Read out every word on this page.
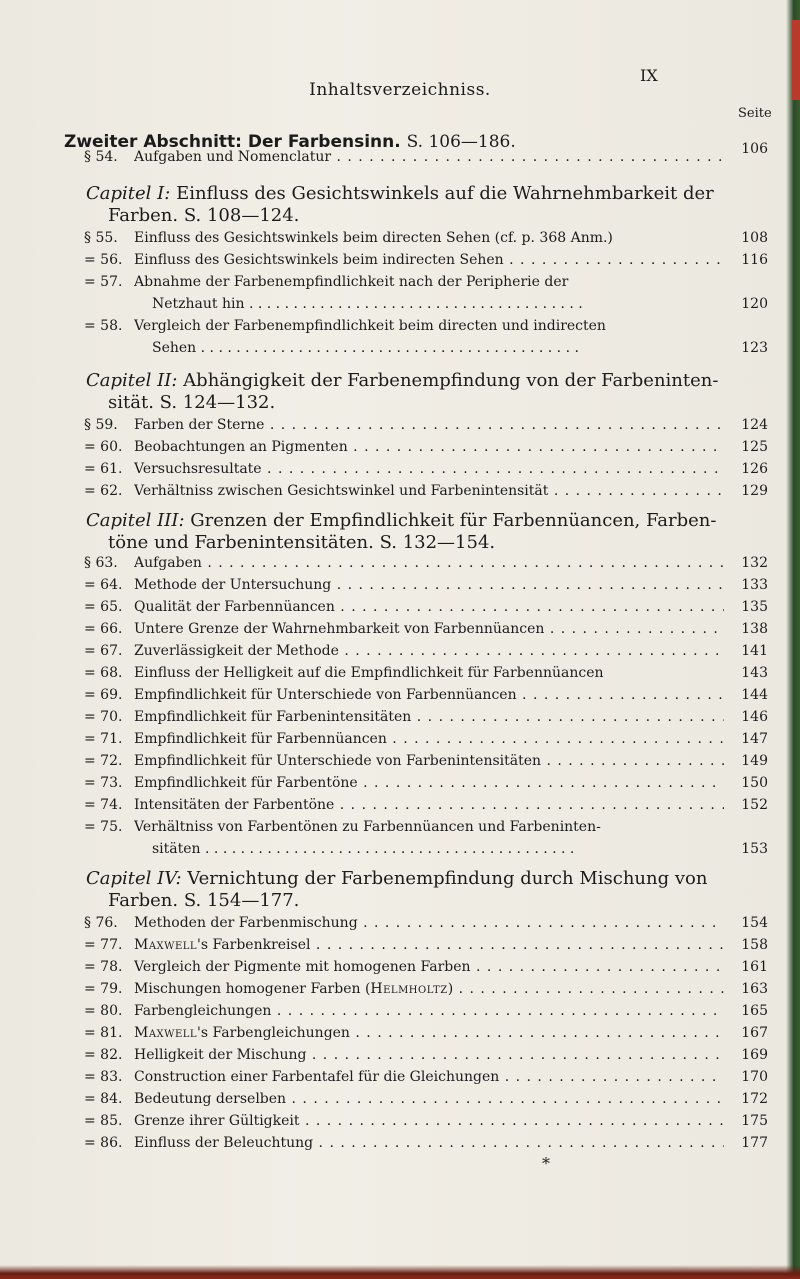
Inhaltsverzeichniss.
IX
Seite
Zweiter Abschnitt: Der Farbensinn. S. 106—186.
§ 54.	Aufgaben und Nomenclatur . . .	106
Capitel I: Einfluss des Gesichtswinkels auf die Wahrnehmbarkeit der
Farben. S. 108—124.
§ 55.	Einfluss des Gesichtswinkels beim directen Sehen (cf. p. 368 Anm.)	108
= 56. Einfluss des Gesichtswinkels beim indirecten Sehen . . .	116
= 57. Abnahme der Farbenempfindlichkeit nach der Peripherie der
Netzhaut hin . . . . . . . . . . . . . . . . . . . . . . . . . . . . . . . . . . . . . .	120
= 58. Vergleich der Farbenempfindlichkeit beim directen und indirecten
Sehen . . . . . . . . . . . . . . . . . . . . . . . . . . . . . . . . . . . . . . . . . . .	123
Capitel II: Abhängigkeit der Farbenempfindung von der Farbeninten-
sität. S. 124—132.
§ 59.	Farben der Sterne . . .	124
= 60. Beobachtungen an Pigmenten . . .	125
= 61. Versuchsresultate . . .	126
= 62. Verhältniss zwischen Gesichtswinkel und Farbenintensität . . .	129
Capitel III: Grenzen der Empfindlichkeit für Farbennüancen, Farben-
töne und Farbenintensitäten. S. 132—154.
§ 63.	Aufgaben . . .	132
= 64. Methode der Untersuchung . . .	133
= 65. Qualität der Farbennüancen . . .	135
= 66. Untere Grenze der Wahrnehmbarkeit von Farbennüancen . . .	138
= 67. Zuverlässigkeit der Methode . . .	141
= 68. Einfluss der Helligkeit auf die Empfindlichkeit für Farbennüancen	143
= 69. Empfindlichkeit für Unterschiede von Farbennüancen . . .	144
= 70. Empfindlichkeit für Farbenintensitäten . . .	146
= 71. Empfindlichkeit für Farbennüancen . . .	147
= 72. Empfindlichkeit für Unterschiede von Farbenintensitäten . . .	149
= 73. Empfindlichkeit für Farbentöne . . .	150
= 74. Intensitäten der Farbentöne . . .	152
= 75. Verhältniss von Farbentönen zu Farbennüancen und Farbeninten-
sitäten . . . . . . . . . . . . . . . . . . . . . . . . . . . . . . . . . . . . . . . . . .	153
Capitel IV: Vernichtung der Farbenempfindung durch Mischung von
Farben. S. 154—177.
§ 76.	Methoden der Farbenmischung . . .	154
= 77. Maxwell's Farbenkreisel . . .	158
= 78. Vergleich der Pigmente mit homogenen Farben . . .	161
= 79. Mischungen homogener Farben (Helmholtz) . . .	163
= 80. Farbengleichungen . . .	165
= 81. Maxwell's Farbengleichungen . . .	167
= 82. Helligkeit der Mischung . . .	169
= 83. Construction einer Farbentafel für die Gleichungen . . .	170
= 84. Bedeutung derselben . . .	172
= 85. Grenze ihrer Gültigkeit . . .	175
= 86. Einfluss der Beleuchtung . . .	177
*
